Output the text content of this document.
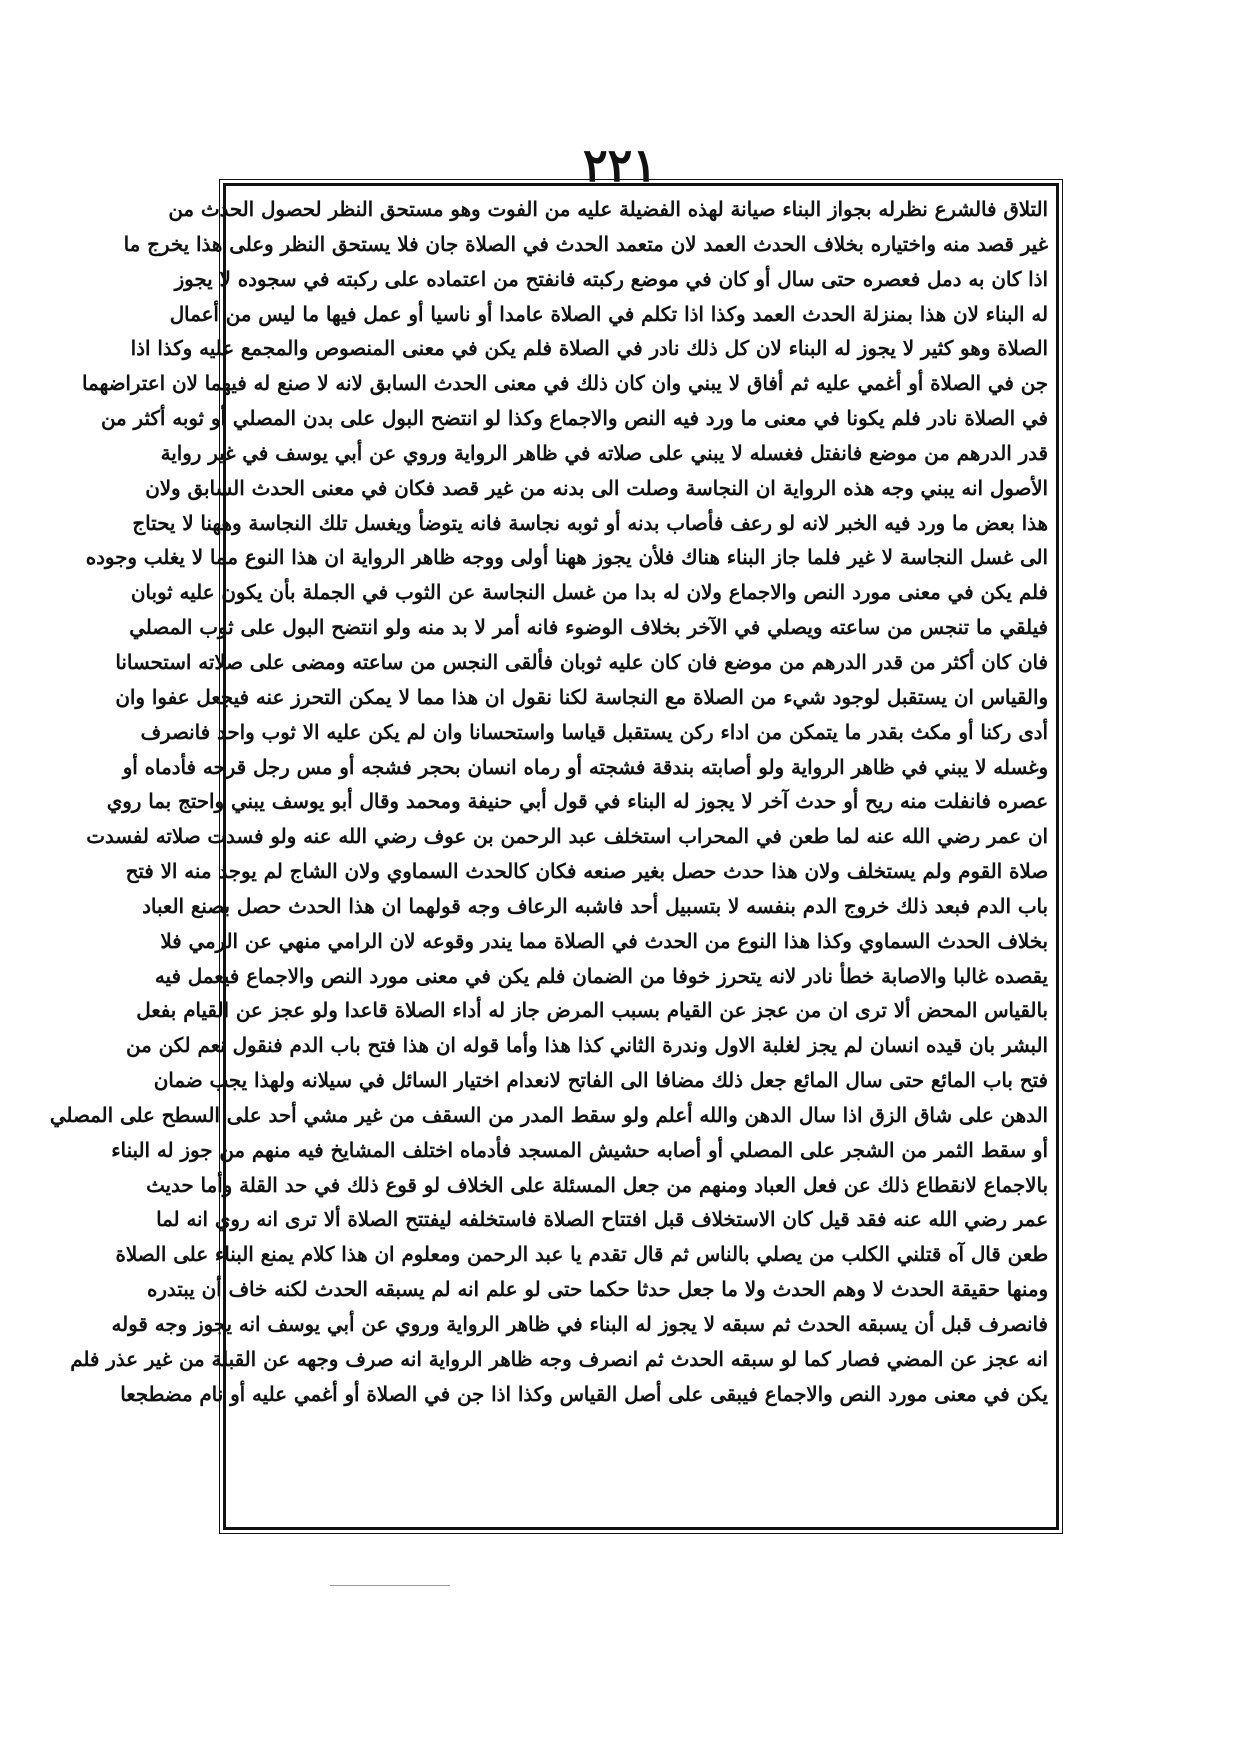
٢٢١
التلاق فالشرع نظرله بجواز البناء صيانة لهذه الفضيلة عليه من الفوت وهو مستحق النظر لحصول الحدث من
غير قصد منه واختياره بخلاف الحدث العمد لان متعمد الحدث في الصلاة جان فلا يستحق النظر وعلى هذا يخرج ما
اذا كان به دمل فعصره حتى سال أو كان في موضع ركبته فانفتح من اعتماده على ركبته في سجوده لا يجوز
له البناء لان هذا بمنزلة الحدث العمد وكذا اذا تكلم في الصلاة عامدا أو ناسيا أو عمل فيها ما ليس من أعمال
الصلاة وهو كثير لا يجوز له البناء لان كل ذلك نادر في الصلاة فلم يكن في معنى المنصوص والمجمع عليه وكذا اذا
جن في الصلاة أو أغمي عليه ثم أفاق لا يبني وان كان ذلك في معنى الحدث السابق لانه لا صنع له فيهما لان اعتراضهما
في الصلاة نادر فلم يكونا في معنى ما ورد فيه النص والاجماع وكذا لو انتضح البول على بدن المصلي أو ثوبه أكثر من
قدر الدرهم من موضع فانفتل فغسله لا يبني على صلاته في ظاهر الرواية وروي عن أبي يوسف في غير رواية
الأصول انه يبني وجه هذه الرواية ان النجاسة وصلت الى بدنه من غير قصد فكان في معنى الحدث السابق ولان
هذا بعض ما ورد فيه الخبر لانه لو رعف فأصاب بدنه أو ثوبه نجاسة فانه يتوضأ ويغسل تلك النجاسة وههنا لا يحتاج
الى غسل النجاسة لا غير فلما جاز البناء هناك فلأن يجوز ههنا أولى ووجه ظاهر الرواية ان هذا النوع مما لا يغلب وجوده
فلم يكن في معنى مورد النص والاجماع ولان له بدا من غسل النجاسة عن الثوب في الجملة بأن يكون عليه ثوبان
فيلقي ما تنجس من ساعته ويصلي في الآخر بخلاف الوضوء فانه أمر لا بد منه ولو انتضح البول على ثوب المصلي
فان كان أكثر من قدر الدرهم من موضع فان كان عليه ثوبان فألقى النجس من ساعته ومضى على صلاته استحسانا
والقياس ان يستقبل لوجود شيء من الصلاة مع النجاسة لكنا نقول ان هذا مما لا يمكن التحرز عنه فيجعل عفوا وان
أدى ركنا أو مكث بقدر ما يتمكن من اداء ركن يستقبل قياسا واستحسانا وان لم يكن عليه الا ثوب واحد فانصرف
وغسله لا يبني في ظاهر الرواية ولو أصابته بندقة فشجته أو رماه انسان بحجر فشجه أو مس رجل قرحه فأدماه أو
عصره فانفلت منه ريح أو حدث آخر لا يجوز له البناء في قول أبي حنيفة ومحمد وقال أبو يوسف يبني واحتج بما روي
ان عمر رضي الله عنه لما طعن في المحراب استخلف عبد الرحمن بن عوف رضي الله عنه ولو فسدت صلاته لفسدت
صلاة القوم ولم يستخلف ولان هذا حدث حصل بغير صنعه فكان كالحدث السماوي ولان الشاج لم يوجد منه الا فتح
باب الدم فبعد ذلك خروج الدم بنفسه لا بتسبيل أحد فاشبه الرعاف وجه قولهما ان هذا الحدث حصل بصنع العباد
بخلاف الحدث السماوي وكذا هذا النوع من الحدث في الصلاة مما يندر وقوعه لان الرامي منهي عن الرمي فلا
يقصده غالبا والاصابة خطأ نادر لانه يتحرز خوفا من الضمان فلم يكن في معنى مورد النص والاجماع فيعمل فيه
بالقياس المحض ألا ترى ان من عجز عن القيام بسبب المرض جاز له أداء الصلاة قاعدا ولو عجز عن القيام بفعل
البشر بان قيده انسان لم يجز لغلبة الاول وندرة الثاني كذا هذا وأما قوله ان هذا فتح باب الدم فنقول نعم لكن من
فتح باب المائع حتى سال المائع جعل ذلك مضافا الى الفاتح لانعدام اختيار السائل في سيلانه ولهذا يجب ضمان
الدهن على شاق الزق اذا سال الدهن والله أعلم ولو سقط المدر من السقف من غير مشي أحد على السطح على المصلي
أو سقط الثمر من الشجر على المصلي أو أصابه حشيش المسجد فأدماه اختلف المشايخ فيه منهم من جوز له البناء
بالاجماع لانقطاع ذلك عن فعل العباد ومنهم من جعل المسئلة على الخلاف لو قوع ذلك في حد القلة وأما حديث
عمر رضي الله عنه فقد قيل كان الاستخلاف قبل افتتاح الصلاة فاستخلفه ليفتتح الصلاة ألا ترى انه روي انه لما
طعن قال آه قتلني الكلب من يصلي بالناس ثم قال تقدم يا عبد الرحمن ومعلوم ان هذا كلام يمنع البناء على الصلاة
ومنها حقيقة الحدث لا وهم الحدث ولا ما جعل حدثا حكما حتى لو علم انه لم يسبقه الحدث لكنه خاف أن يبتدره
فانصرف قبل أن يسبقه الحدث ثم سبقه لا يجوز له البناء في ظاهر الرواية وروي عن أبي يوسف انه يجوز وجه قوله
انه عجز عن المضي فصار كما لو سبقه الحدث ثم انصرف وجه ظاهر الرواية انه صرف وجهه عن القبلة من غير عذر فلم
يكن في معنى مورد النص والاجماع فيبقى على أصل القياس وكذا اذا جن في الصلاة أو أغمي عليه أو نام مضطجعا
